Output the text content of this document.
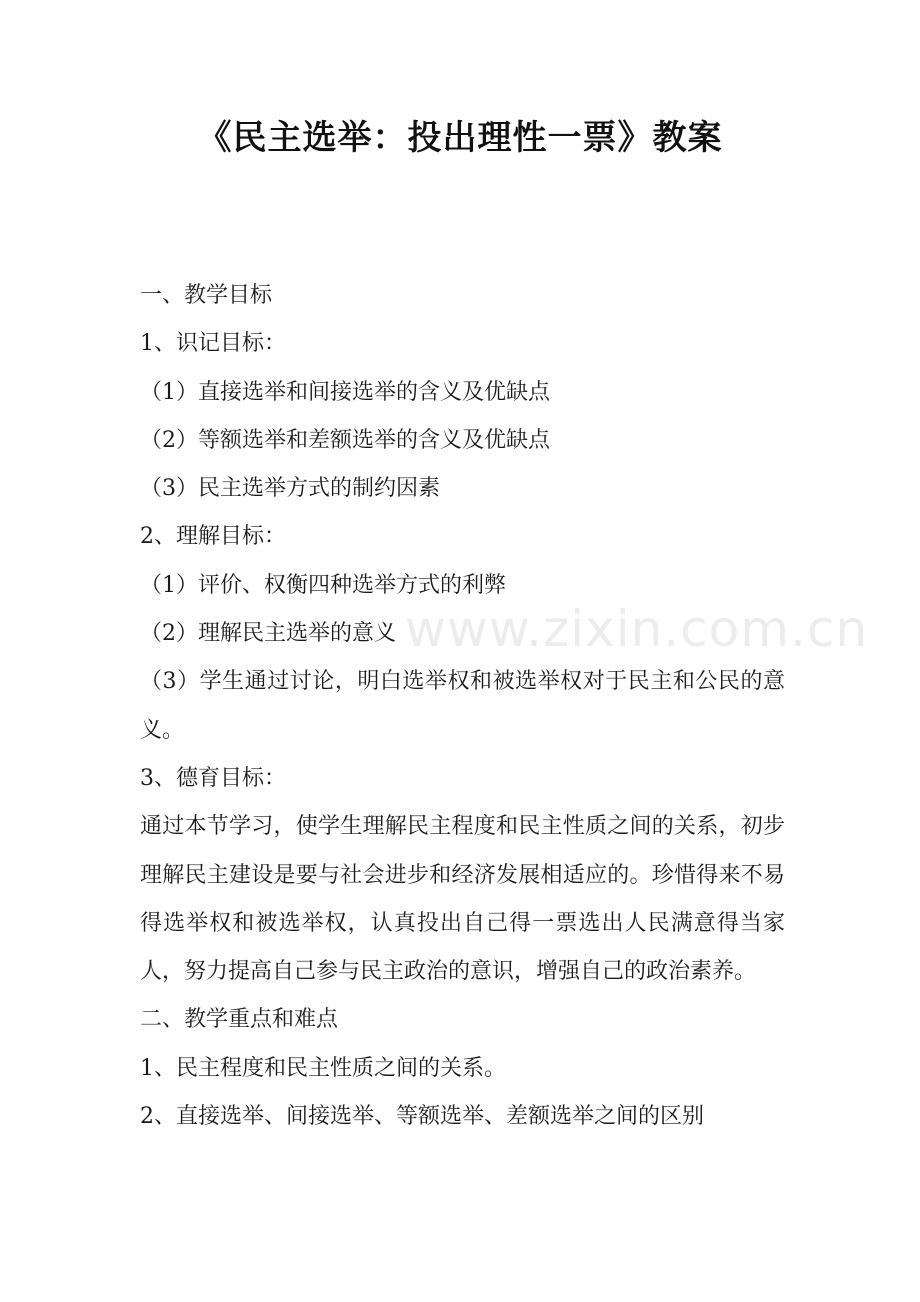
www.zixin.com.cn
《民主选举：投出理性一票》教案

一、教学目标

1、识记目标：

（1）直接选举和间接选举的含义及优缺点

（2）等额选举和差额选举的含义及优缺点

（3）民主选举方式的制约因素

2、理解目标：

（1）评价、权衡四种选举方式的利弊

（2）理解民主选举的意义

（3）学生通过讨论，明白选举权和被选举权对于民主和公民的意义。

3、德育目标：

通过本节学习，使学生理解民主程度和民主性质之间的关系，初步理解民主建设是要与社会进步和经济发展相适应的。珍惜得来不易得选举权和被选举权，认真投出自己得一票选出人民满意得当家人，努力提高自己参与民主政治的意识，增强自己的政治素养。

二、教学重点和难点

1、民主程度和民主性质之间的关系。

2、直接选举、间接选举、等额选举、差额选举之间的区别
